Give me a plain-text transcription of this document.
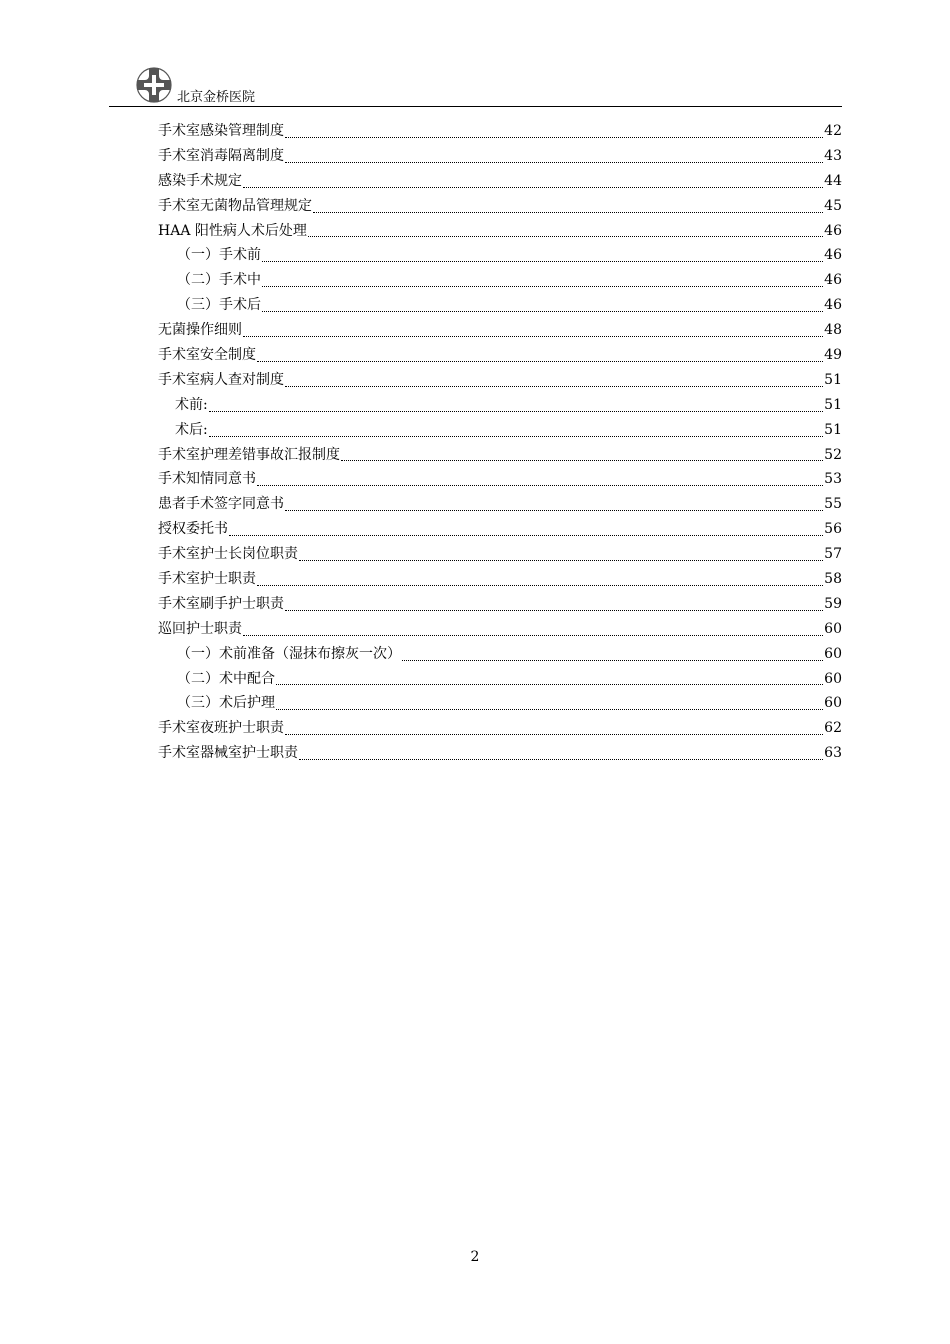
北京金桥医院
手术室感染管理制度	42
手术室消毒隔离制度	43
感染手术规定	44
手术室无菌物品管理规定	45
HAA 阳性病人术后处理	46
（一）手术前	46
（二）手术中	46
（三）手术后	46
无菌操作细则	48
手术室安全制度	49
手术室病人查对制度	51
术前:	51
术后:	51
手术室护理差错事故汇报制度	52
手术知情同意书	53
患者手术签字同意书	55
授权委托书	56
手术室护士长岗位职责	57
手术室护士职责	58
手术室刷手护士职责	59
巡回护士职责	60
（一）术前准备（湿抹布擦灰一次）	60
（二）术中配合	60
（三）术后护理	60
手术室夜班护士职责	62
手术室器械室护士职责	63
2
